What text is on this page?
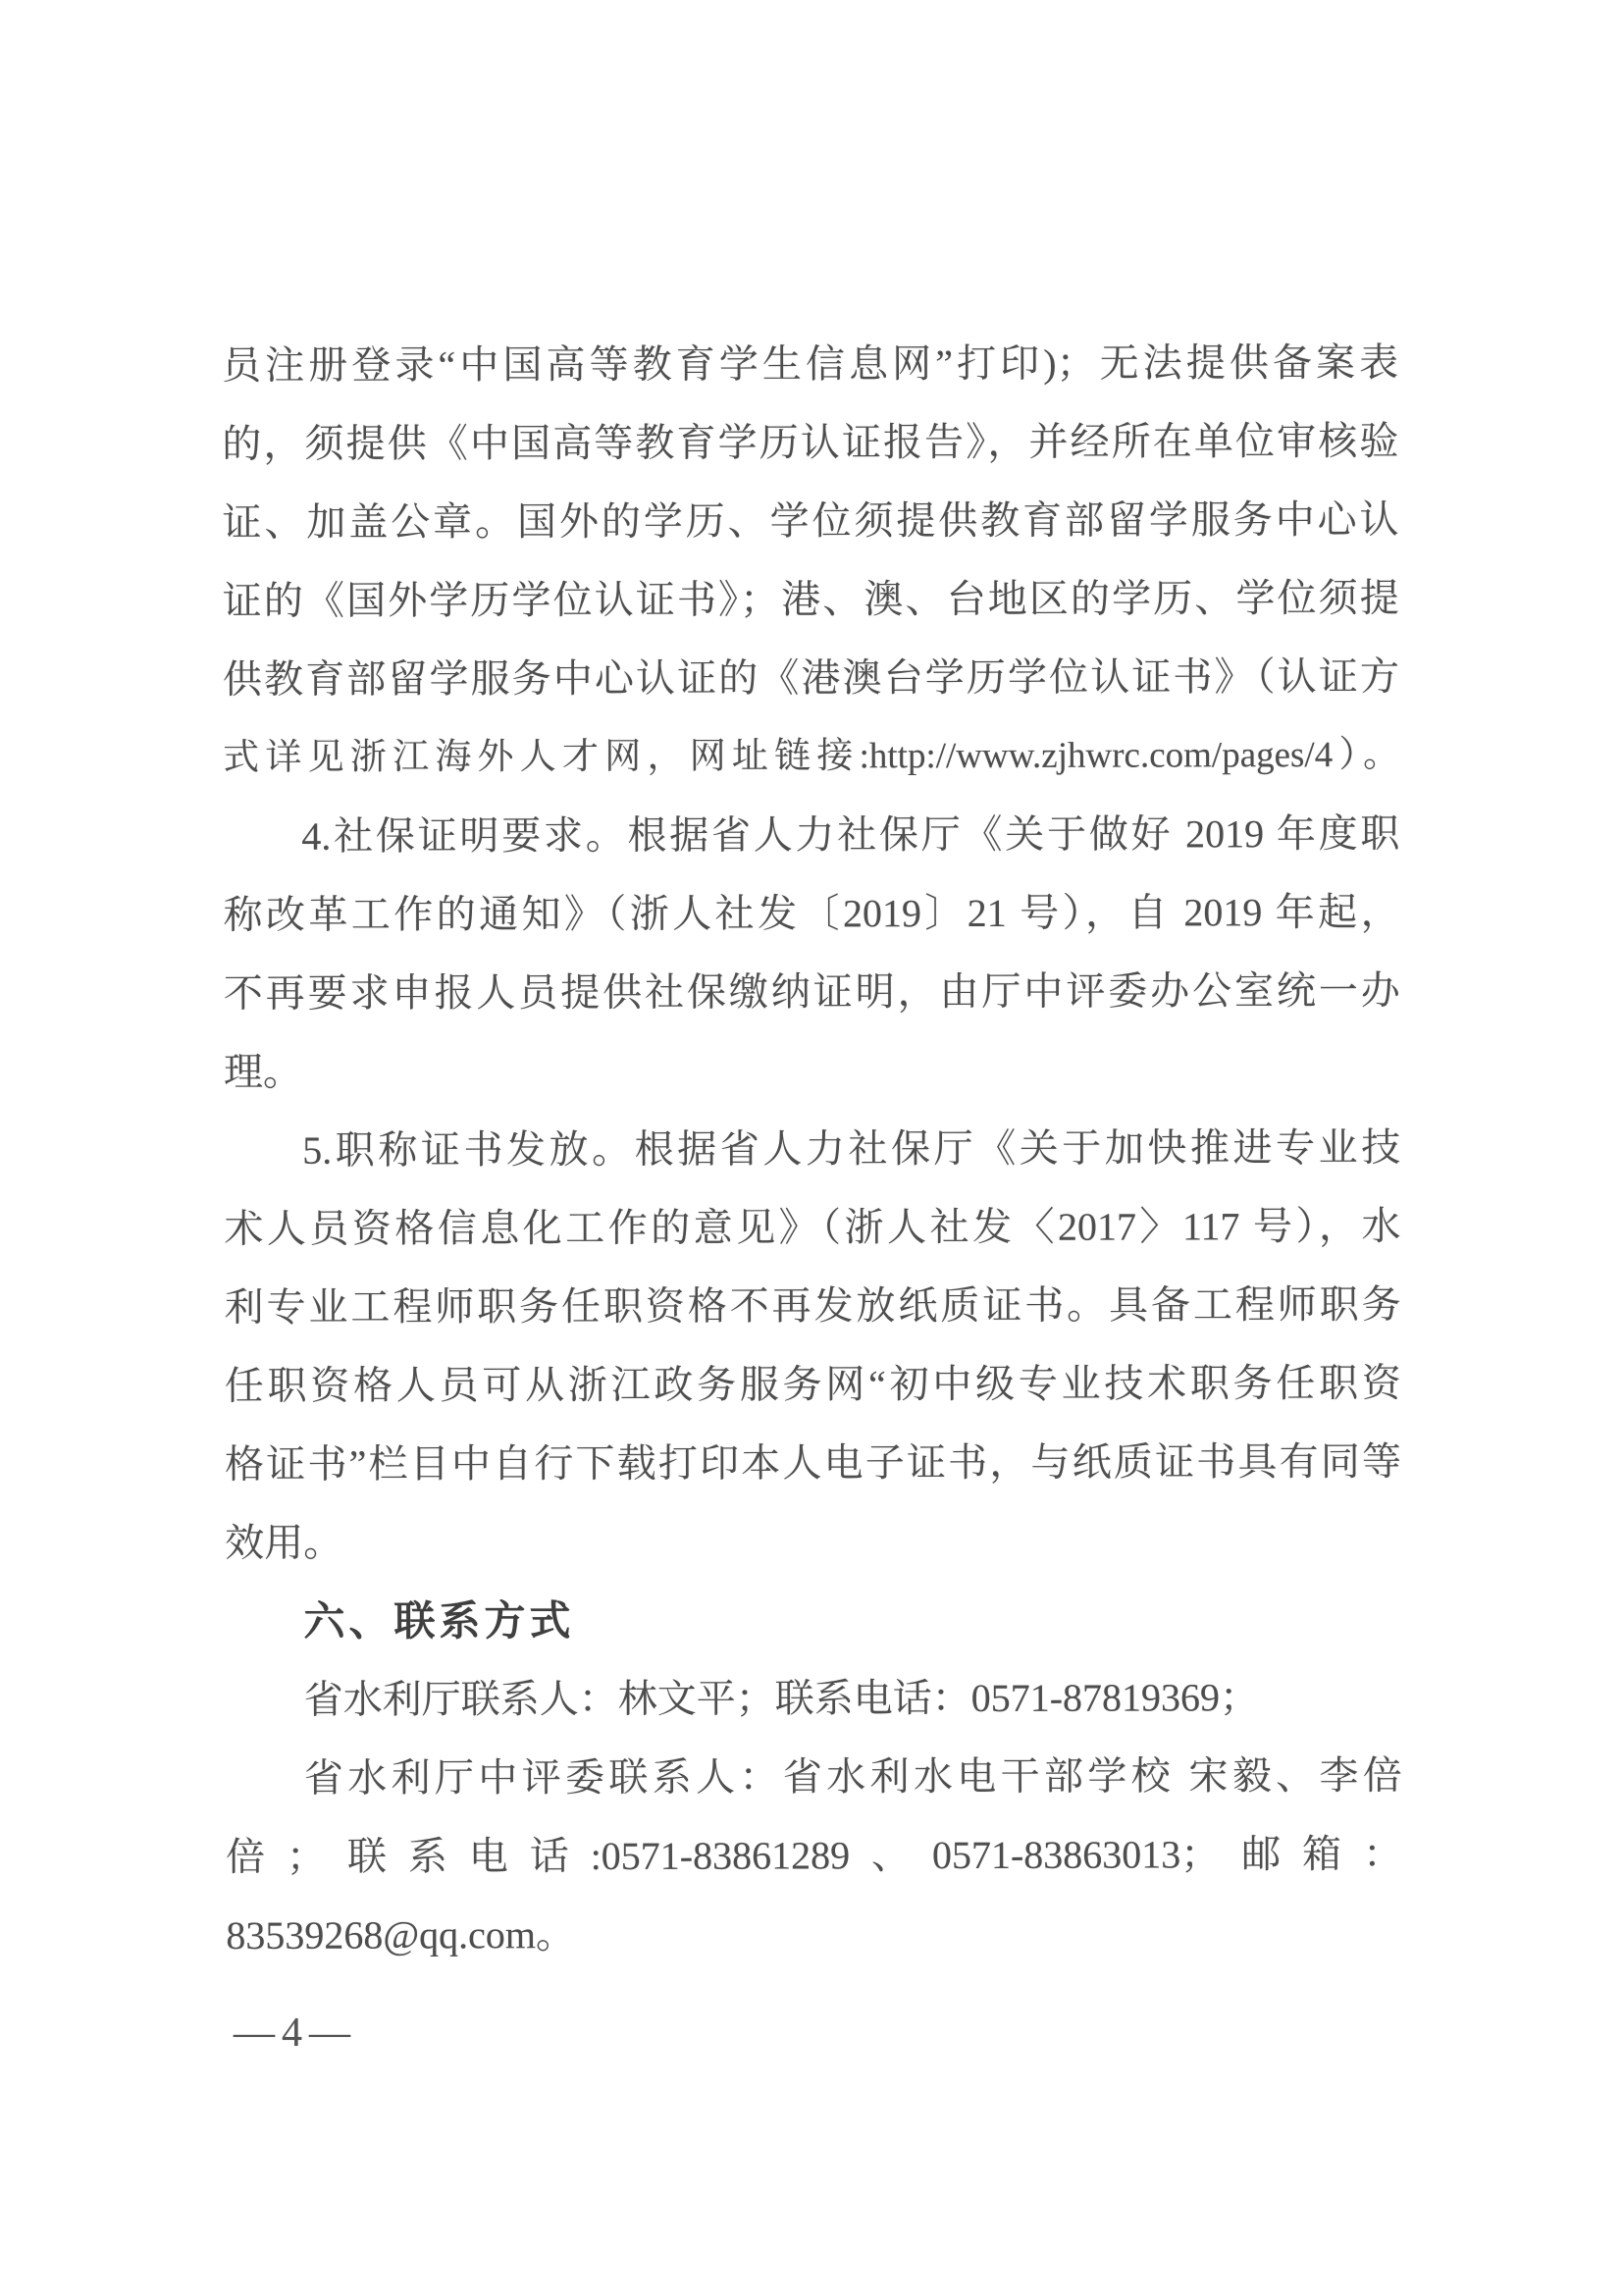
员注册登录“中国高等教育学生信息网”打印)；无法提供备案表
的，须提供《中国高等教育学历认证报告》，并经所在单位审核验
证、加盖公章。国外的学历、学位须提供教育部留学服务中心认
证的《国外学历学位认证书》；港、澳、台地区的学历、学位须提
供教育部留学服务中心认证的《港澳台学历学位认证书》（认证方
式详见浙江海外人才网，网址链接:http://www.zjhwrc.com/pages/4）。
4.社保证明要求。根据省人力社保厅《关于做好 2019 年度职
称改革工作的通知》（浙人社发〔2019〕21 号），自 2019 年起，
不再要求申报人员提供社保缴纳证明，由厅中评委办公室统一办
理。
5.职称证书发放。根据省人力社保厅《关于加快推进专业技
术人员资格信息化工作的意见》（浙人社发〈2017〉117 号），水
利专业工程师职务任职资格不再发放纸质证书。具备工程师职务
任职资格人员可从浙江政务服务网“初中级专业技术职务任职资
格证书”栏目中自行下载打印本人电子证书，与纸质证书具有同等
效用。
六、联系方式
省水利厅联系人：林文平；联系电话：0571-87819369；
省水利厅中评委联系人：省水利水电干部学校 宋毅、李倍
倍；联系电话:0571-83861289、0571-83863013；邮箱：
83539268@qq.com。
—4—
